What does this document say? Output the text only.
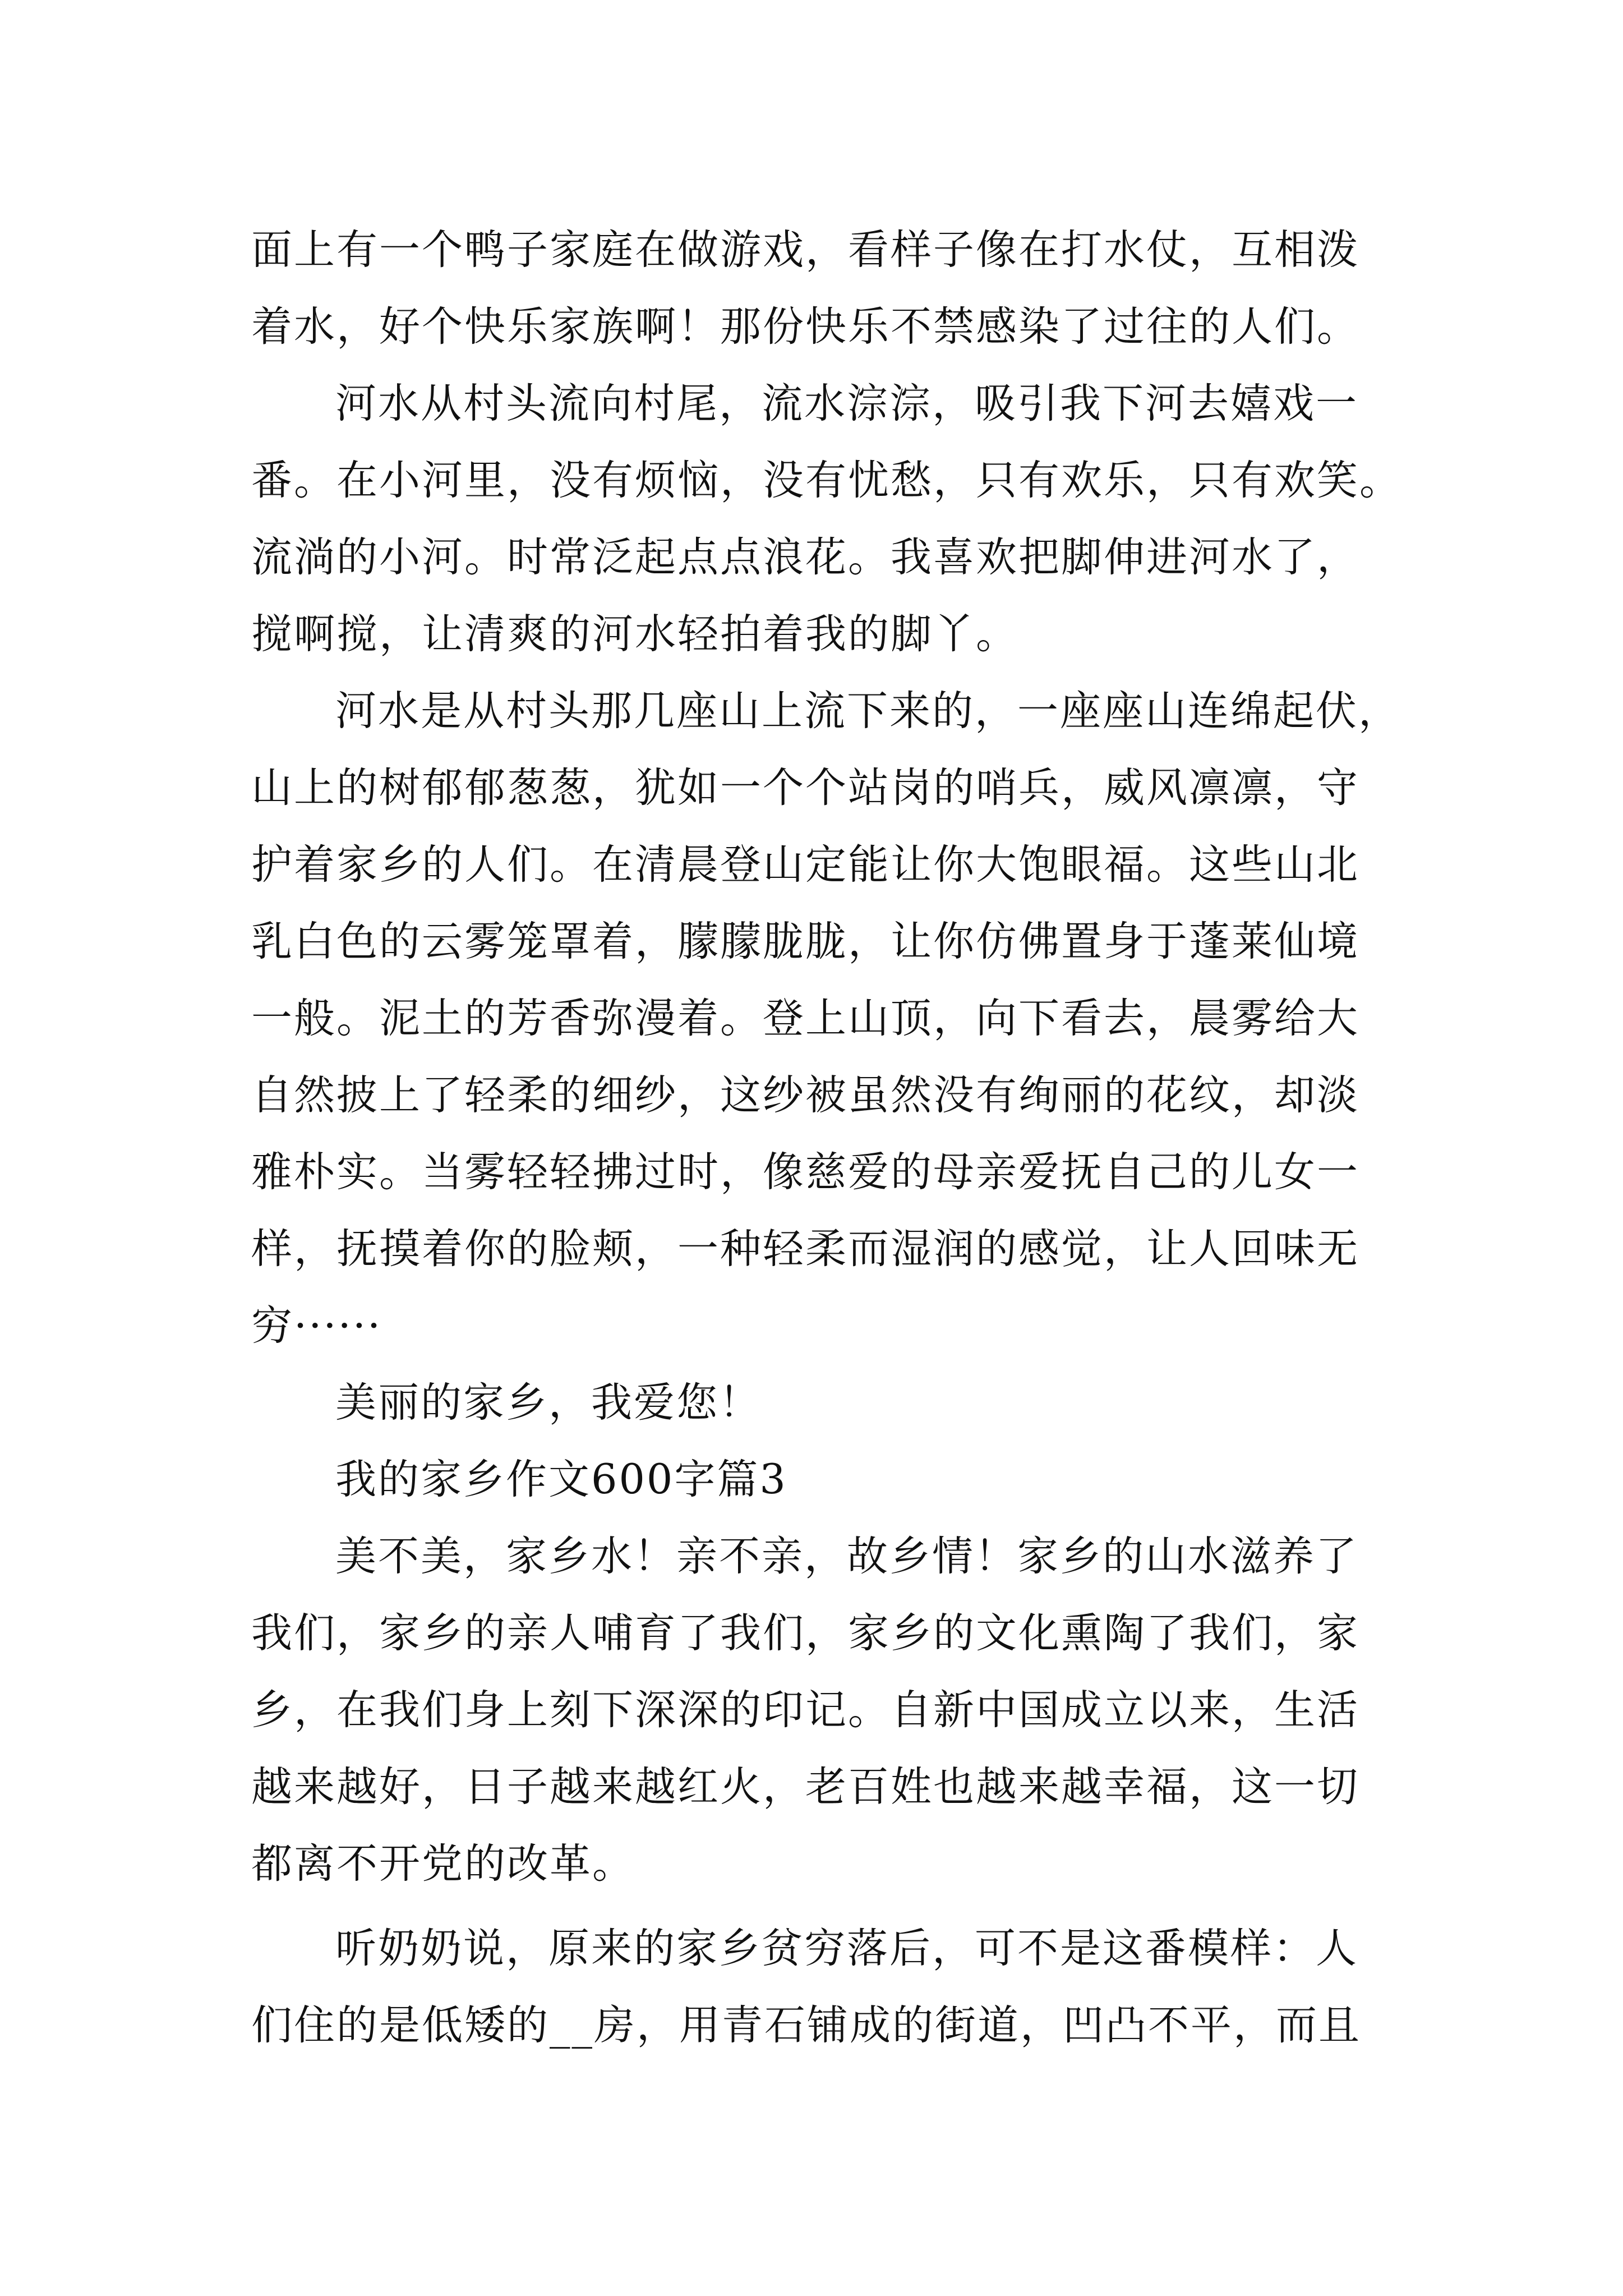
面上有一个鸭子家庭在做游戏，看样子像在打水仗，互相泼
着水，好个快乐家族啊！那份快乐不禁感染了过往的人们。
河水从村头流向村尾，流水淙淙，吸引我下河去嬉戏一
番。在小河里，没有烦恼，没有忧愁，只有欢乐，只有欢笑。
流淌的小河。时常泛起点点浪花。我喜欢把脚伸进河水了，
搅啊搅，让清爽的河水轻拍着我的脚丫。
河水是从村头那几座山上流下来的，一座座山连绵起伏，
山上的树郁郁葱葱，犹如一个个站岗的哨兵，威风凛凛，守
护着家乡的人们。在清晨登山定能让你大饱眼福。这些山北
乳白色的云雾笼罩着，朦朦胧胧，让你仿佛置身于蓬莱仙境
一般。泥土的芳香弥漫着。登上山顶，向下看去，晨雾给大
自然披上了轻柔的细纱，这纱被虽然没有绚丽的花纹，却淡
雅朴实。当雾轻轻拂过时，像慈爱的母亲爱抚自己的儿女一
样，抚摸着你的脸颊，一种轻柔而湿润的感觉，让人回味无
穷······
美丽的家乡，我爱您！
我的家乡作文600字篇3
美不美，家乡水！亲不亲，故乡情！家乡的山水滋养了
我们，家乡的亲人哺育了我们，家乡的文化熏陶了我们，家
乡，在我们身上刻下深深的印记。自新中国成立以来，生活
越来越好，日子越来越红火，老百姓也越来越幸福，这一切
都离不开党的改革。
听奶奶说，原来的家乡贫穷落后，可不是这番模样：人
们住的是低矮的__房，用青石铺成的街道，凹凸不平，而且
